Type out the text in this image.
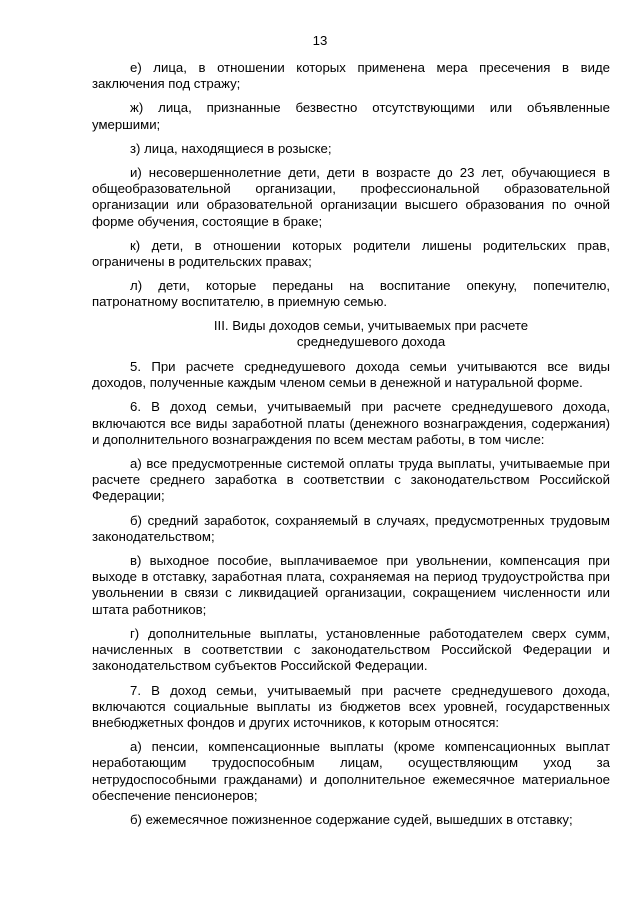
13

е) лица, в отношении которых применена мера пресечения в виде заключения под стражу;

ж) лица, признанные безвестно отсутствующими или объявленные умершими;

з) лица, находящиеся в розыске;

и) несовершеннолетние дети, дети в возрасте до 23 лет, обучающиеся в общеобразовательной организации, профессиональной образовательной организации или образовательной организации высшего образования по очной форме обучения, состоящие в браке;

к) дети, в отношении которых родители лишены родительских прав, ограничены в родительских правах;

л) дети, которые переданы на воспитание опекуну, попечителю, патронатному воспитателю, в приемную семью.

III. Виды доходов семьи, учитываемых при расчете
среднедушевого дохода

5. При расчете среднедушевого дохода семьи учитываются все виды доходов, полученные каждым членом семьи в денежной и натуральной форме.

6. В доход семьи, учитываемый при расчете среднедушевого дохода, включаются все виды заработной платы (денежного вознаграждения, содержания) и дополнительного вознаграждения по всем местам работы, в том числе:

а) все предусмотренные системой оплаты труда выплаты, учитываемые при расчете среднего заработка в соответствии с законодательством Российской Федерации;

б) средний заработок, сохраняемый в случаях, предусмотренных трудовым законодательством;

в) выходное пособие, выплачиваемое при увольнении, компенсация при выходе в отставку, заработная плата, сохраняемая на период трудоустройства при увольнении в связи с ликвидацией организации, сокращением численности или штата работников;

г) дополнительные выплаты, установленные работодателем сверх сумм, начисленных в соответствии с законодательством Российской Федерации и законодательством субъектов Российской Федерации.

7. В доход семьи, учитываемый при расчете среднедушевого дохода, включаются социальные выплаты из бюджетов всех уровней, государственных внебюджетных фондов и других источников, к которым относятся:

а) пенсии, компенсационные выплаты (кроме компенсационных выплат неработающим трудоспособным лицам, осуществляющим уход за нетрудоспособными гражданами) и дополнительное ежемесячное материальное обеспечение пенсионеров;

б) ежемесячное пожизненное содержание судей, вышедших в отставку;
